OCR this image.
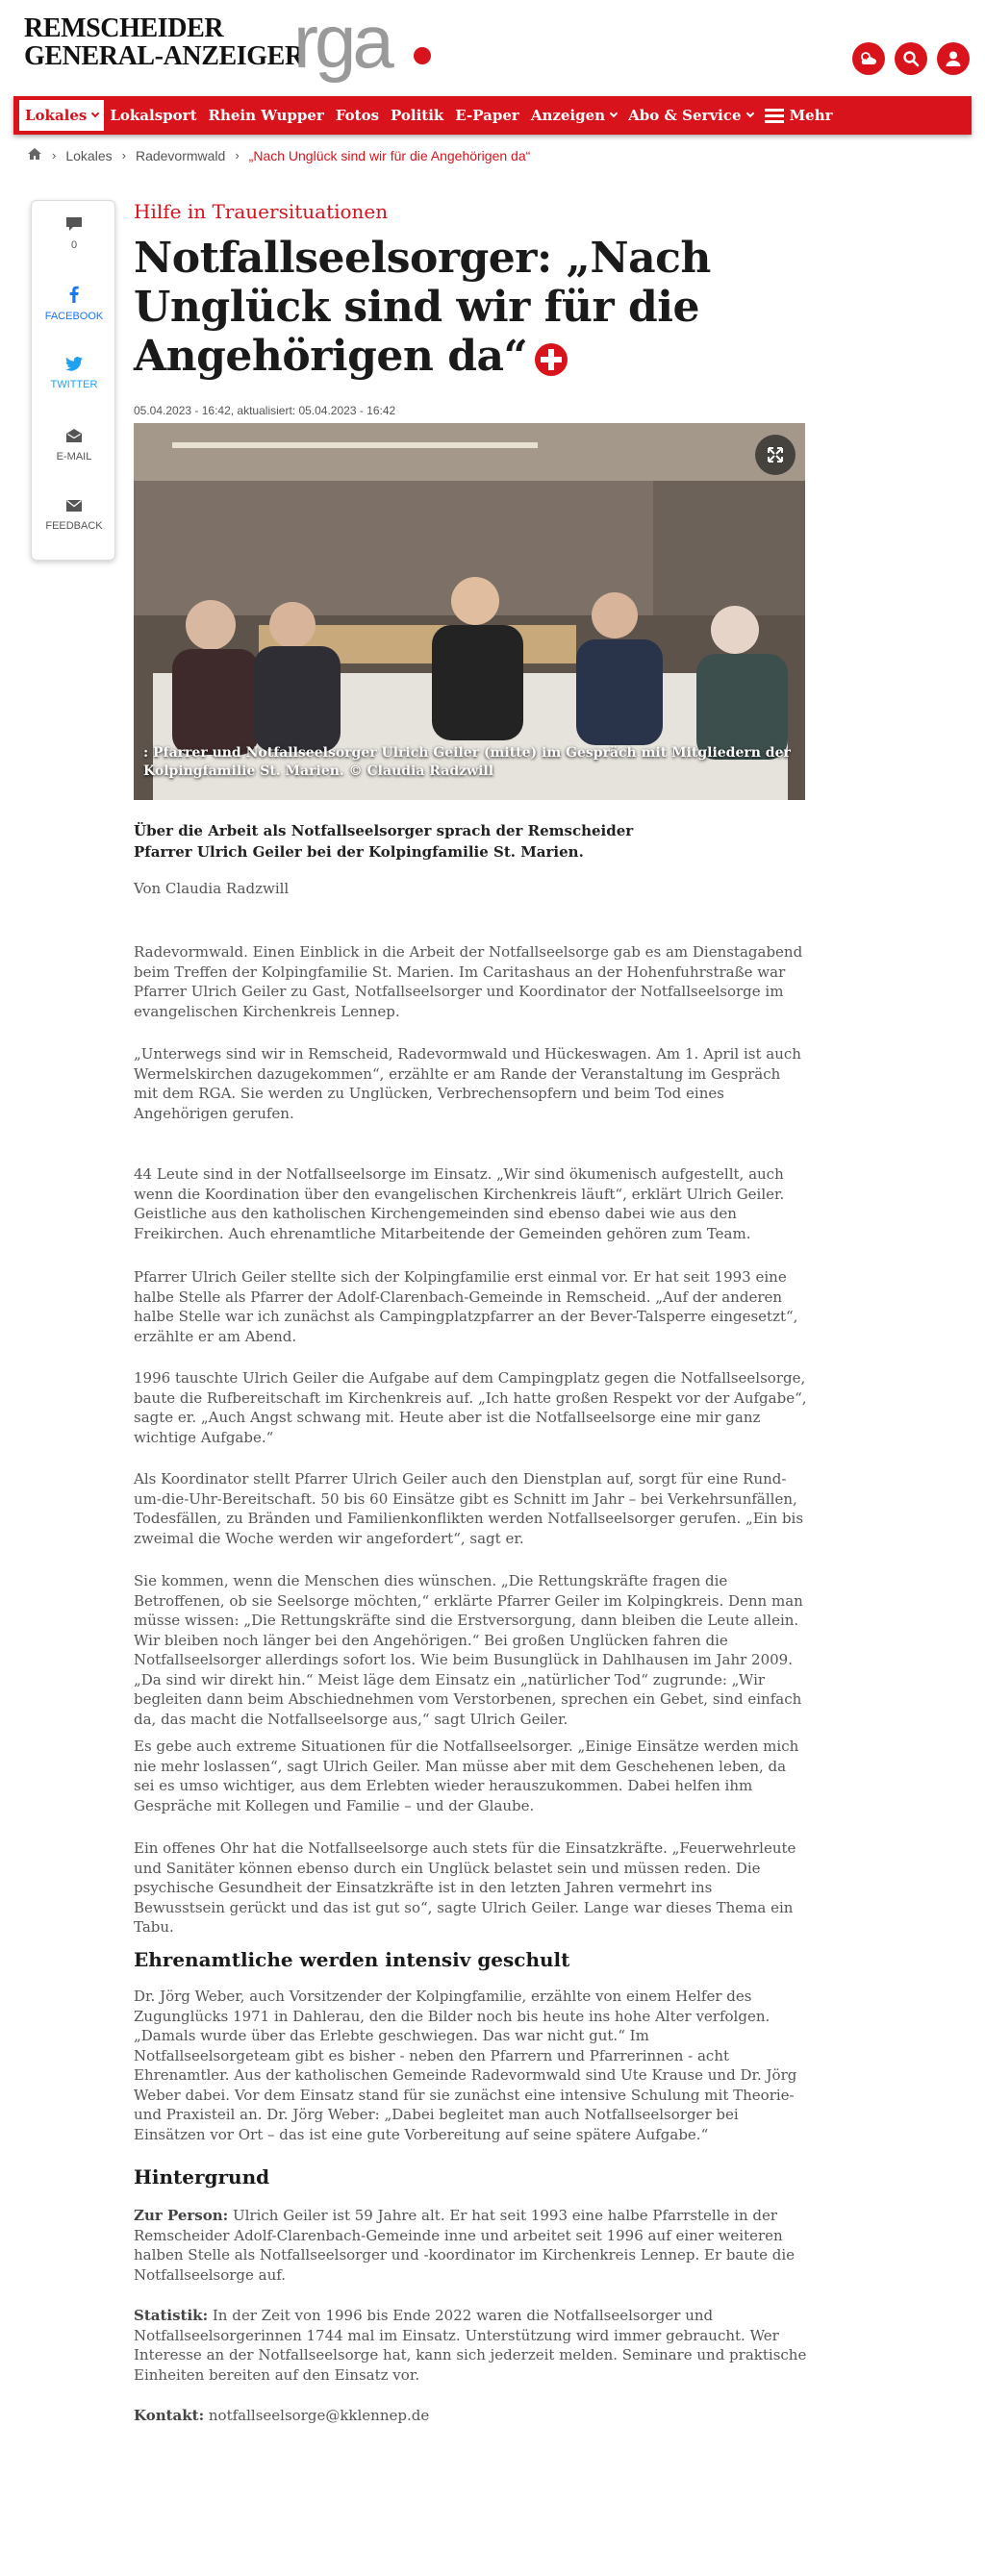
REMSCHEIDER
GENERAL-ANZEIGER
rga
Lokales	Lokalsport Rhein Wupper Fotos Politik E-Paper Anzeigen Abo & Service	Mehr
› Lokales › Radevormwald › „Nach Unglück sind wir für die Angehörigen da“
0
FACEBOOK
TWITTER
E-MAIL
FEEDBACK
Hilfe in Trauersituationen
Notfallseelsorger: „Nach Unglück sind wir für die Angehörigen da“
05.04.2023 - 16:42, aktualisiert: 05.04.2023 - 16:42
: Pfarrer und Notfallseelsorger Ulrich Geiler (mitte) im Gespräch mit Mitgliedern der Kolpingfamilie St. Marien. © Claudia Radzwill
Über die Arbeit als Notfallseelsorger sprach der Remscheider Pfarrer Ulrich Geiler bei der Kolpingfamilie St. Marien.
Von Claudia Radzwill

Radevormwald. Einen Einblick in die Arbeit der Notfallseelsorge gab es am Dienstagabend beim Treffen der Kolpingfamilie St. Marien. Im Caritashaus an der Hohenfuhrstraße war Pfarrer Ulrich Geiler zu Gast, Notfallseelsorger und Koordinator der Notfallseelsorge im evangelischen Kirchenkreis Lennep.

„Unterwegs sind wir in Remscheid, Radevormwald und Hückeswagen. Am 1. April ist auch Wermelskirchen dazugekommen“, erzählte er am Rande der Veranstaltung im Gespräch mit dem RGA. Sie werden zu Unglücken, Verbrechensopfern und beim Tod eines Angehörigen gerufen.

44 Leute sind in der Notfallseelsorge im Einsatz. „Wir sind ökumenisch aufgestellt, auch wenn die Koordination über den evangelischen Kirchenkreis läuft“, erklärt Ulrich Geiler. Geistliche aus den katholischen Kirchengemeinden sind ebenso dabei wie aus den Freikirchen. Auch ehrenamtliche Mitarbeitende der Gemeinden gehören zum Team.

Pfarrer Ulrich Geiler stellte sich der Kolpingfamilie erst einmal vor. Er hat seit 1993 eine halbe Stelle als Pfarrer der Adolf-Clarenbach-Gemeinde in Remscheid. „Auf der anderen halbe Stelle war ich zunächst als Campingplatzpfarrer an der Bever-Talsperre eingesetzt“, erzählte er am Abend.

1996 tauschte Ulrich Geiler die Aufgabe auf dem Campingplatz gegen die Notfallseelsorge, baute die Rufbereitschaft im Kirchenkreis auf. „Ich hatte großen Respekt vor der Aufgabe“, sagte er. „Auch Angst schwang mit. Heute aber ist die Notfallseelsorge eine mir ganz wichtige Aufgabe.“

Als Koordinator stellt Pfarrer Ulrich Geiler auch den Dienstplan auf, sorgt für eine Rund-um-die-Uhr-Bereitschaft. 50 bis 60 Einsätze gibt es Schnitt im Jahr – bei Verkehrsunfällen, Todesfällen, zu Bränden und Familienkonflikten werden Notfallseelsorger gerufen. „Ein bis zweimal die Woche werden wir angefordert“, sagt er.

Sie kommen, wenn die Menschen dies wünschen. „Die Rettungskräfte fragen die Betroffenen, ob sie Seelsorge möchten,“ erklärte Pfarrer Geiler im Kolpingkreis. Denn man müsse wissen: „Die Rettungskräfte sind die Erstversorgung, dann bleiben die Leute allein. Wir bleiben noch länger bei den Angehörigen.“ Bei großen Unglücken fahren die Notfallseelsorger allerdings sofort los. Wie beim Busunglück in Dahlhausen im Jahr 2009. „Da sind wir direkt hin.“ Meist läge dem Einsatz ein „natürlicher Tod“ zugrunde: „Wir begleiten dann beim Abschiednehmen vom Verstorbenen, sprechen ein Gebet, sind einfach da, das macht die Notfallseelsorge aus,“ sagt Ulrich Geiler.

Es gebe auch extreme Situationen für die Notfallseelsorger. „Einige Einsätze werden mich nie mehr loslassen“, sagt Ulrich Geiler. Man müsse aber mit dem Geschehenen leben, da sei es umso wichtiger, aus dem Erlebten wieder herauszukommen. Dabei helfen ihm Gespräche mit Kollegen und Familie – und der Glaube.

Ein offenes Ohr hat die Notfallseelsorge auch stets für die Einsatzkräfte. „Feuerwehrleute und Sanitäter können ebenso durch ein Unglück belastet sein und müssen reden. Die psychische Gesundheit der Einsatzkräfte ist in den letzten Jahren vermehrt ins Bewusstsein gerückt und das ist gut so“, sagte Ulrich Geiler. Lange war dieses Thema ein Tabu.

Ehrenamtliche werden intensiv geschult

Dr. Jörg Weber, auch Vorsitzender der Kolpingfamilie, erzählte von einem Helfer des Zugunglücks 1971 in Dahlerau, den die Bilder noch bis heute ins hohe Alter verfolgen. „Damals wurde über das Erlebte geschwiegen. Das war nicht gut.“ Im Notfallseelsorgeteam gibt es bisher - neben den Pfarrern und Pfarrerinnen - acht Ehrenamtler. Aus der katholischen Gemeinde Radevormwald sind Ute Krause und Dr. Jörg Weber dabei. Vor dem Einsatz stand für sie zunächst eine intensive Schulung mit Theorie- und Praxisteil an. Dr. Jörg Weber: „Dabei begleitet man auch Notfallseelsorger bei Einsätzen vor Ort – das ist eine gute Vorbereitung auf seine spätere Aufgabe.“

Hintergrund

Zur Person: Ulrich Geiler ist 59 Jahre alt. Er hat seit 1993 eine halbe Pfarrstelle in der Remscheider Adolf-Clarenbach-Gemeinde inne und arbeitet seit 1996 auf einer weiteren halben Stelle als Notfallseelsorger und -koordinator im Kirchenkreis Lennep. Er baute die Notfallseelsorge auf.

Statistik: In der Zeit von 1996 bis Ende 2022 waren die Notfallseelsorger und Notfallseelsorgerinnen 1744 mal im Einsatz. Unterstützung wird immer gebraucht. Wer Interesse an der Notfallseelsorge hat, kann sich jederzeit melden. Seminare und praktische Einheiten bereiten auf den Einsatz vor.

Kontakt: notfallseelsorge@kklennep.de
